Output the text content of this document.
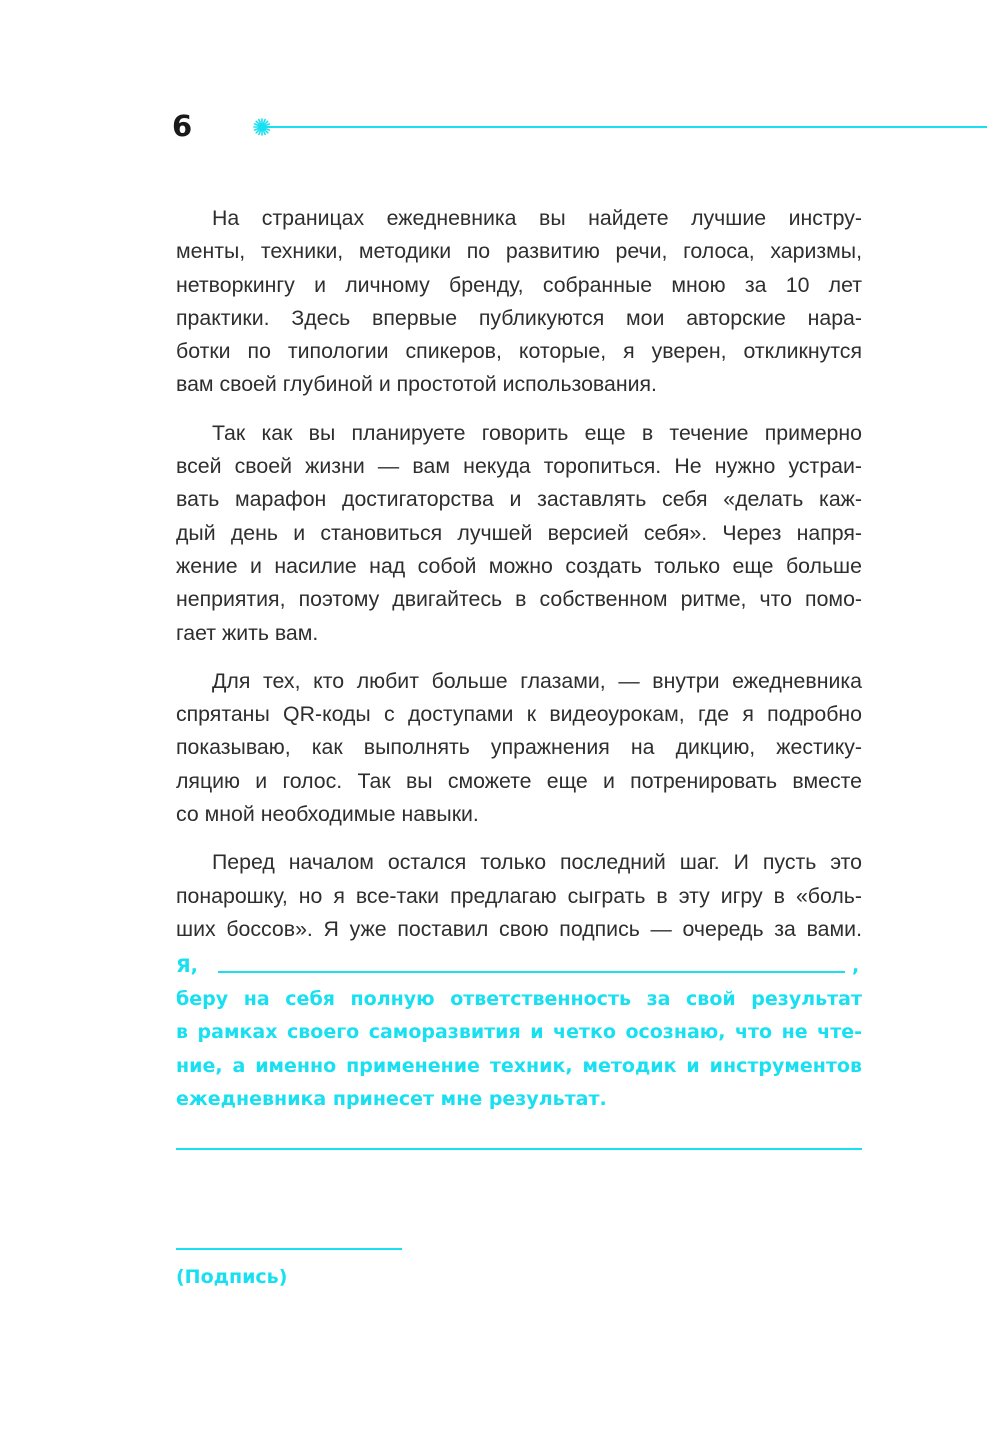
6

На страницах ежедневника вы найдете лучшие инстру-
менты, техники, методики по развитию речи, голоса, харизмы,
нетворкингу и личному бренду, собранные мною за 10 лет
практики. Здесь впервые публикуются мои авторские нара-
ботки по типологии спикеров, которые, я уверен, откликнутся
вам своей глубиной и простотой использования.

Так как вы планируете говорить еще в течение примерно
всей своей жизни — вам некуда торопиться. Не нужно устраи-
вать марафон достигаторства и заставлять себя «делать каж-
дый день и становиться лучшей версией себя». Через напря-
жение и насилие над собой можно создать только еще больше
неприятия, поэтому двигайтесь в собственном ритме, что помо-
гает жить вам.

Для тех, кто любит больше глазами, — внутри ежедневника
спрятаны QR-коды с доступами к видеоурокам, где я подробно
показываю, как выполнять упражнения на дикцию, жестику-
ляцию и голос. Так вы сможете еще и потренировать вместе
со мной необходимые навыки.

Перед началом остался только последний шаг. И пусть это
понарошку, но я все-таки предлагаю сыграть в эту игру в «боль-
ших боссов». Я уже поставил свою подпись — очередь за вами.

Я,	,
беру на себя полную ответственность за свой результат
в рамках своего саморазвития и четко осознаю, что не чте-
ние, а именно применение техник, методик и инструментов
ежедневника принесет мне результат.
(Подпись)
